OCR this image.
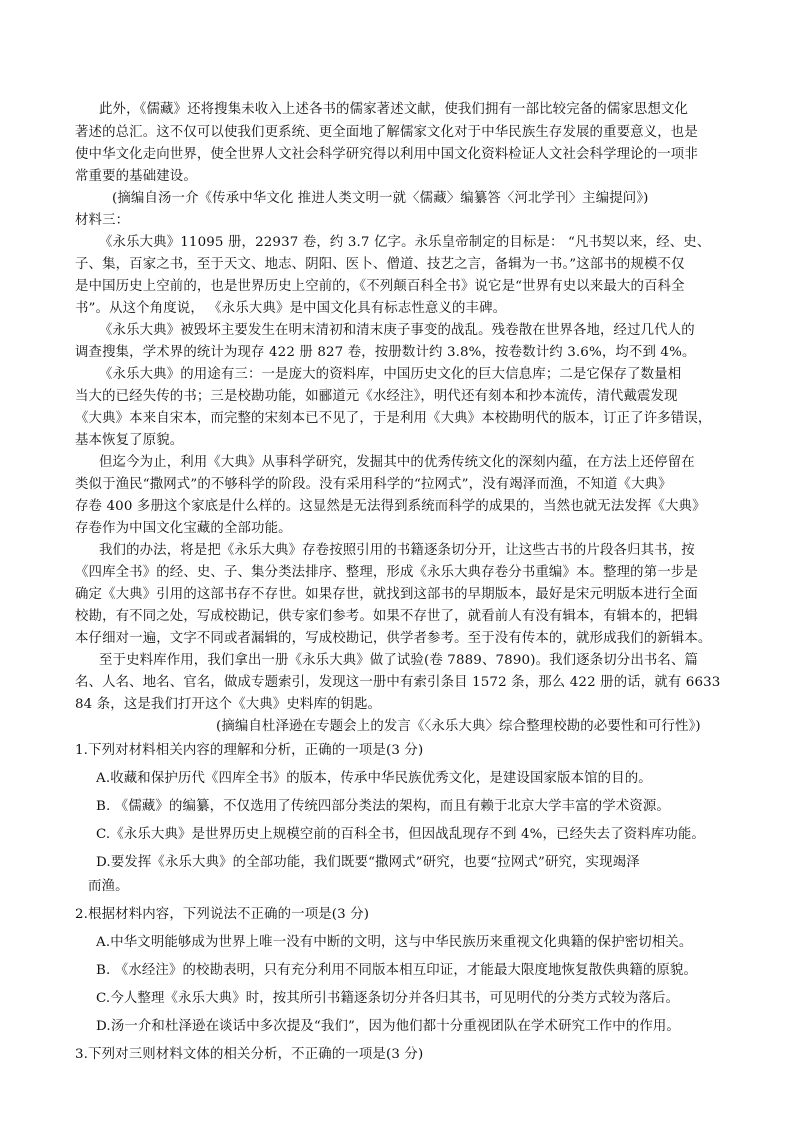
此外，《儒藏》还将搜集未收入上述各书的儒家著述文献，使我们拥有一部比较完备的儒家思想文化
著述的总汇。这不仅可以使我们更系统、更全面地了解儒家文化对于中华民族生存发展的重要意义，也是
使中华文化走向世界，使全世界人文社会科学研究得以利用中国文化资料检证人文社会科学理论的一项非
常重要的基础建设。
(摘编自汤一介《传承中华文化 推进人类文明一就〈儒藏〉编纂答〈河北学刊〉主编提问》)
材料三：
《永乐大典》11095 册，22937 卷，约 3.7 亿字。永乐皇帝制定的目标是： “凡书契以来，经、史、
子、集，百家之书，至于天文、地志、阴阳、医卜、僧道、技艺之言，备辑为一书。”这部书的规模不仅
是中国历史上空前的，也是世界历史上空前的，《不列颠百科全书》说它是“世界有史以来最大的百科全
书”。从这个角度说， 《永乐大典》是中国文化具有标志性意义的丰碑。
《永乐大典》被毁坏主要发生在明末清初和清末庚子事变的战乱。残卷散在世界各地，经过几代人的
调查搜集，学术界的统计为现存 422 册 827 卷，按册数计约 3.8%，按卷数计约 3.6%，均不到 4%。
《永乐大典》的用途有三：一是庞大的资料库，中国历史文化的巨大信息库；二是它保存了数量相
当大的已经失传的书；三是校勘功能，如郦道元《水经注》，明代还有刻本和抄本流传，清代戴震发现
《大典》本来自宋本，而完整的宋刻本已不见了，于是利用《大典》本校勘明代的版本，订正了许多错误，
基本恢复了原貌。
但迄今为止，利用《大典》从事科学研究，发掘其中的优秀传统文化的深刻内蕴，在方法上还停留在
类似于渔民“撒网式”的不够科学的阶段。没有采用科学的“拉网式”，没有竭泽而渔，不知道《大典》
存卷 400 多册这个家底是什么样的。这显然是无法得到系统而科学的成果的，当然也就无法发挥《大典》
存卷作为中国文化宝藏的全部功能。
我们的办法，将是把《永乐大典》存卷按照引用的书籍逐条切分开，让这些古书的片段各归其书，按
《四库全书》的经、史、子、集分类法排序、整理，形成《永乐大典存卷分书重编》本。整理的第一步是
确定《大典》引用的这部书存不存世。如果存世，就找到这部书的早期版本，最好是宋元明版本进行全面
校勘，有不同之处，写成校勘记，供专家们参考。如果不存世了，就看前人有没有辑本，有辑本的，把辑
本仔细对一遍，文字不同或者漏辑的，写成校勘记，供学者参考。至于没有传本的，就形成我们的新辑本。
至于史料库作用，我们拿出一册《永乐大典》做了试验(卷 7889、7890)。我们逐条切分出书名、篇
名、人名、地名、官名，做成专题索引，发现这一册中有索引条目 1572 条，那么 422 册的话，就有 6633
84 条，这是我们打开这个《大典》史料库的钥匙。
(摘编自杜泽逊在专题会上的发言《〈永乐大典〉综合整理校勘的必要性和可行性》)
1.下列对材料相关内容的理解和分析，正确的一项是(3 分)
A.收藏和保护历代《四库全书》的版本，传承中华民族优秀文化，是建设国家版本馆的目的。
B. 《儒藏》的编纂，不仅选用了传统四部分类法的架构，而且有赖于北京大学丰富的学术资源。
C.《永乐大典》是世界历史上规模空前的百科全书，但因战乱现存不到 4%，已经失去了资料库功能。
D.要发挥《永乐大典》的全部功能，我们既要“撒网式”研究，也要“拉网式”研究，实现竭泽
而渔。
2.根据材料内容，下列说法不正确的一项是(3 分)
A.中华文明能够成为世界上唯一没有中断的文明，这与中华民族历来重视文化典籍的保护密切相关。
B. 《水经注》的校勘表明，只有充分利用不同版本相互印证，才能最大限度地恢复散佚典籍的原貌。
C.今人整理《永乐大典》时，按其所引书籍逐条切分并各归其书，可见明代的分类方式较为落后。
D.汤一介和杜泽逊在谈话中多次提及“我们”，因为他们都十分重视团队在学术研究工作中的作用。
3.下列对三则材料文体的相关分析，不正确的一项是(3 分)
